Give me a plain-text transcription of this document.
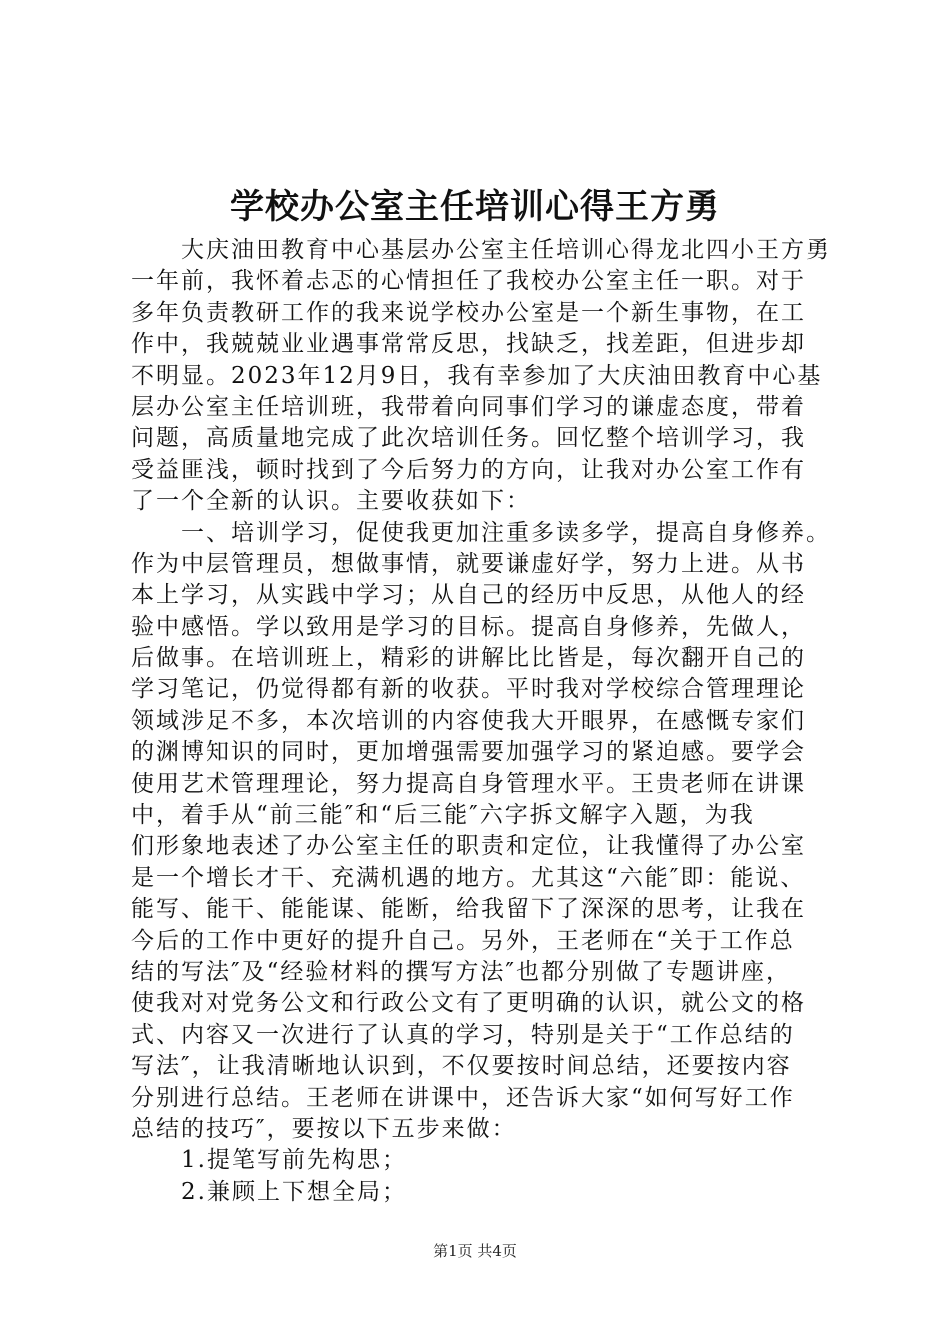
学校办公室主任培训心得王方勇
大庆油田教育中心基层办公室主任培训心得龙北四小王方勇
一年前，我怀着忐忑的心情担任了我校办公室主任一职。对于
多年负责教研工作的我来说学校办公室是一个新生事物，在工
作中，我兢兢业业遇事常常反思，找缺乏，找差距，但进步却
不明显。2023年12月9日，我有幸参加了大庆油田教育中心基
层办公室主任培训班，我带着向同事们学习的谦虚态度，带着
问题，高质量地完成了此次培训任务。回忆整个培训学习，我
受益匪浅，顿时找到了今后努力的方向，让我对办公室工作有
了一个全新的认识。主要收获如下：
一、培训学习，促使我更加注重多读多学，提高自身修养。
作为中层管理员，想做事情，就要谦虚好学，努力上进。从书
本上学习，从实践中学习；从自己的经历中反思，从他人的经
验中感悟。学以致用是学习的目标。提高自身修养，先做人，
后做事。在培训班上，精彩的讲解比比皆是，每次翻开自己的
学习笔记，仍觉得都有新的收获。平时我对学校综合管理理论
领域涉足不多，本次培训的内容使我大开眼界，在感慨专家们
的渊博知识的同时，更加增强需要加强学习的紧迫感。要学会
使用艺术管理理论，努力提高自身管理水平。王贵老师在讲课
中，着手从“前三能″和“后三能″六字拆文解字入题，为我
们形象地表述了办公室主任的职责和定位，让我懂得了办公室
是一个增长才干、充满机遇的地方。尤其这“六能″即：能说、
能写、能干、能能谋、能断，给我留下了深深的思考，让我在
今后的工作中更好的提升自己。另外，王老师在“关于工作总
结的写法″及“经验材料的撰写方法″也都分别做了专题讲座，
使我对对党务公文和行政公文有了更明确的认识，就公文的格
式、内容又一次进行了认真的学习，特别是关于“工作总结的
写法″，让我清晰地认识到，不仅要按时间总结，还要按内容
分别进行总结。王老师在讲课中，还告诉大家“如何写好工作
总结的技巧″，要按以下五步来做：
1.提笔写前先构思；
2.兼顾上下想全局；
第1页 共4页
